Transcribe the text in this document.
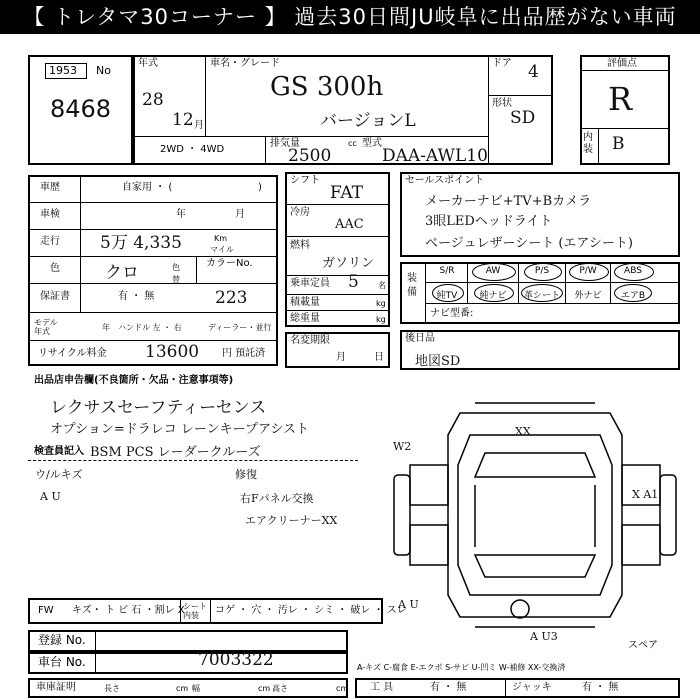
【 トレタマ30コーナー 】 過去30日間JU岐阜に出品歴がない車両
1953 No
8468
年式
28
12 月
車名・グレード
GS 300h
バージョンL
2WD ・ 4WD
ドア 4
形状
SD
排気量	cc
2500
型式
DAA-AWL10
評価点
R
内装 B
車歴	自家用 ・ (	)
車検	年	月
走行 5万 4,335	Km
マイル
色	クロ	色替
カラーNo.
223
保証書	有 ・ 無
モデル年式	年 ハンドル 左 ・ 右	ディーラー・並行
リサイクル料金 13600 円 預託済
シフト
FAT
冷房
AAC
燃料
ガソリン
乗車定員 5 名
積載量	kg
総重量	kg
名変期限
月	日
セールスポイント
メーカーナビ+TV+Bカメラ
3眼LEDヘッドライト
ベージュレザーシート (エアシート)
装備
S/R	AW	P/S	P/W	ABS
純TV	純ナビ	革シート	外ナビ	エアB
ナビ型番:
後日品
地図SD
出品店申告欄(不良箇所・欠品・注意事項等)
レクサスセーフティーセンス
オプション=ドラレコ レーンキープアシスト
BSM PCS レーダークルーズ
検査員記入
ウ/ルキズ	修復
A U	右Fパネル交換
エアクリーナーXX
XX
W2
X A1
A U
A U3
スペア
FW キズ・ ト ビ 石 ・割レ X
シート内装	コゲ ・ 穴 ・ 汚レ ・ シミ ・ 破レ ・ スレ
登録 No.
車台 No.	7003322
車庫証明	長さ	cm 幅	cm 高さ	cm
A-キズ C-腐食 E-エクボ S-サビ U-凹ミ W-補修 XX-交換済
工 具	有 ・ 無	ジャッキ	有 ・ 無
